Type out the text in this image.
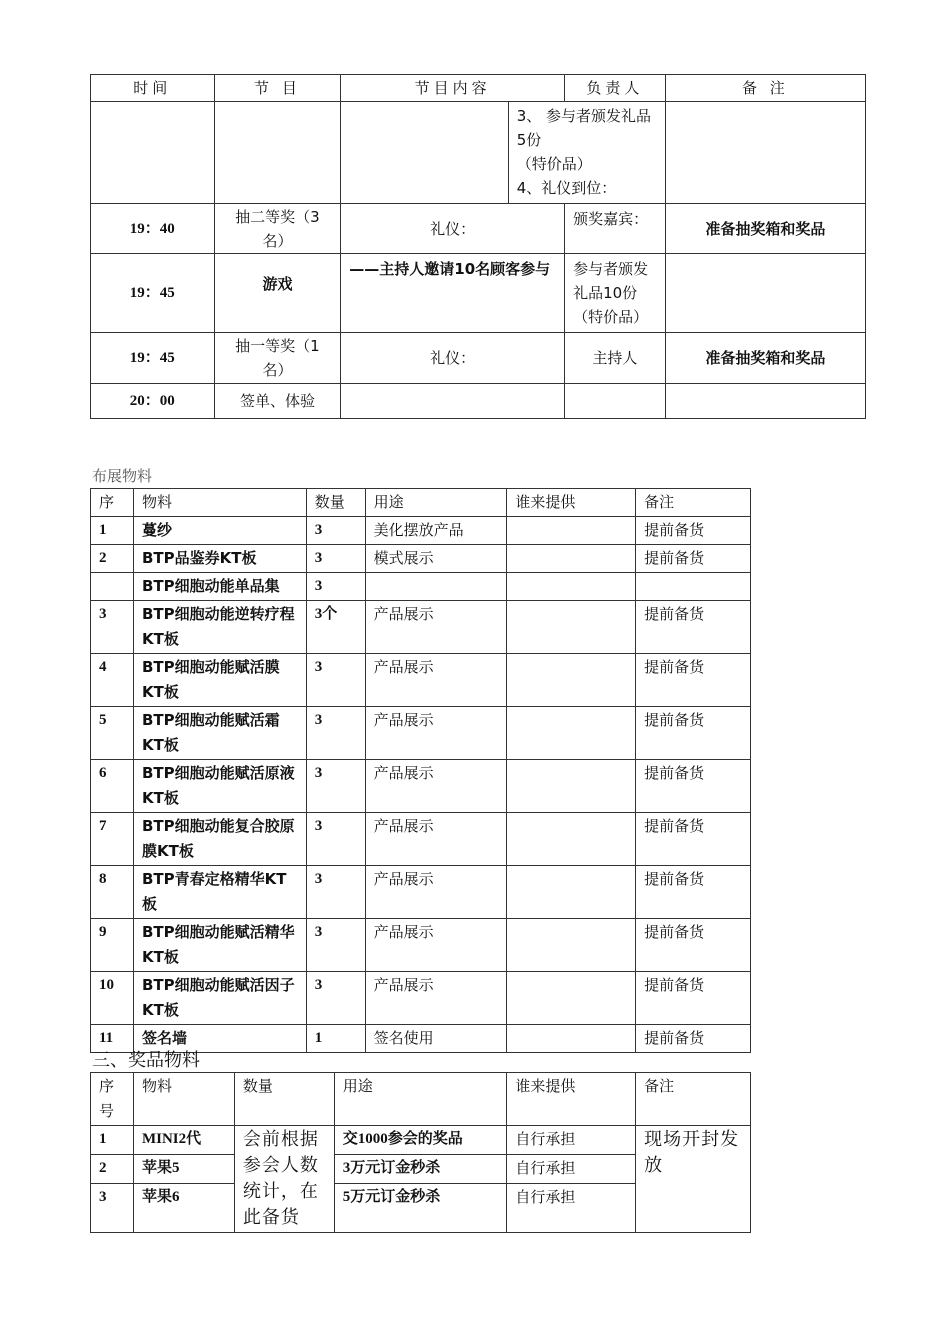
时间	节 目	节目内容		负责人	备 注

			3、 参与者颁发礼品5份
（特价品）
4、礼仪到位：		

19：40	抽二等奖（3名）	礼仪：		颁奖嘉宾：	准备抽奖箱和奖品
19：45	游戏	——主持人邀请10名顾客参与		参与者颁发礼品10份（特价品）	
19：45	抽一等奖（1名）	礼仪：		主持人	准备抽奖箱和奖品
20：00	签单、体验				
布展物料
序	物料	数量	用途	谁来提供	备注
1	蔓纱	3	美化摆放产品		提前备货
2	BTP品鉴券KT板	3	模式展示		提前备货
	BTP细胞动能单品集	3			
3	BTP细胞动能逆转疗程KT板	3个	产品展示		提前备货
4	BTP细胞动能赋活膜KT板	3	产品展示		提前备货
5	BTP细胞动能赋活霜KT板	3	产品展示		提前备货
6	BTP细胞动能赋活原液KT板	3	产品展示		提前备货
7	BTP细胞动能复合胶原膜KT板	3	产品展示		提前备货
8	BTP青春定格精华KT板	3	产品展示		提前备货
9	BTP细胞动能赋活精华KT板	3	产品展示		提前备货
10	BTP细胞动能赋活因子KT板	3	产品展示		提前备货
11	签名墙	1	签名使用		提前备货
三、奖品物料
序号	物料	数量	用途	谁来提供	备注
1	MINI2代	会前根据参会人数统计，在此备货	交1000参会的奖品	自行承担	现场开封发放
2	苹果5		3万元订金秒杀	自行承担	
3	苹果6		5万元订金秒杀	自行承担	
